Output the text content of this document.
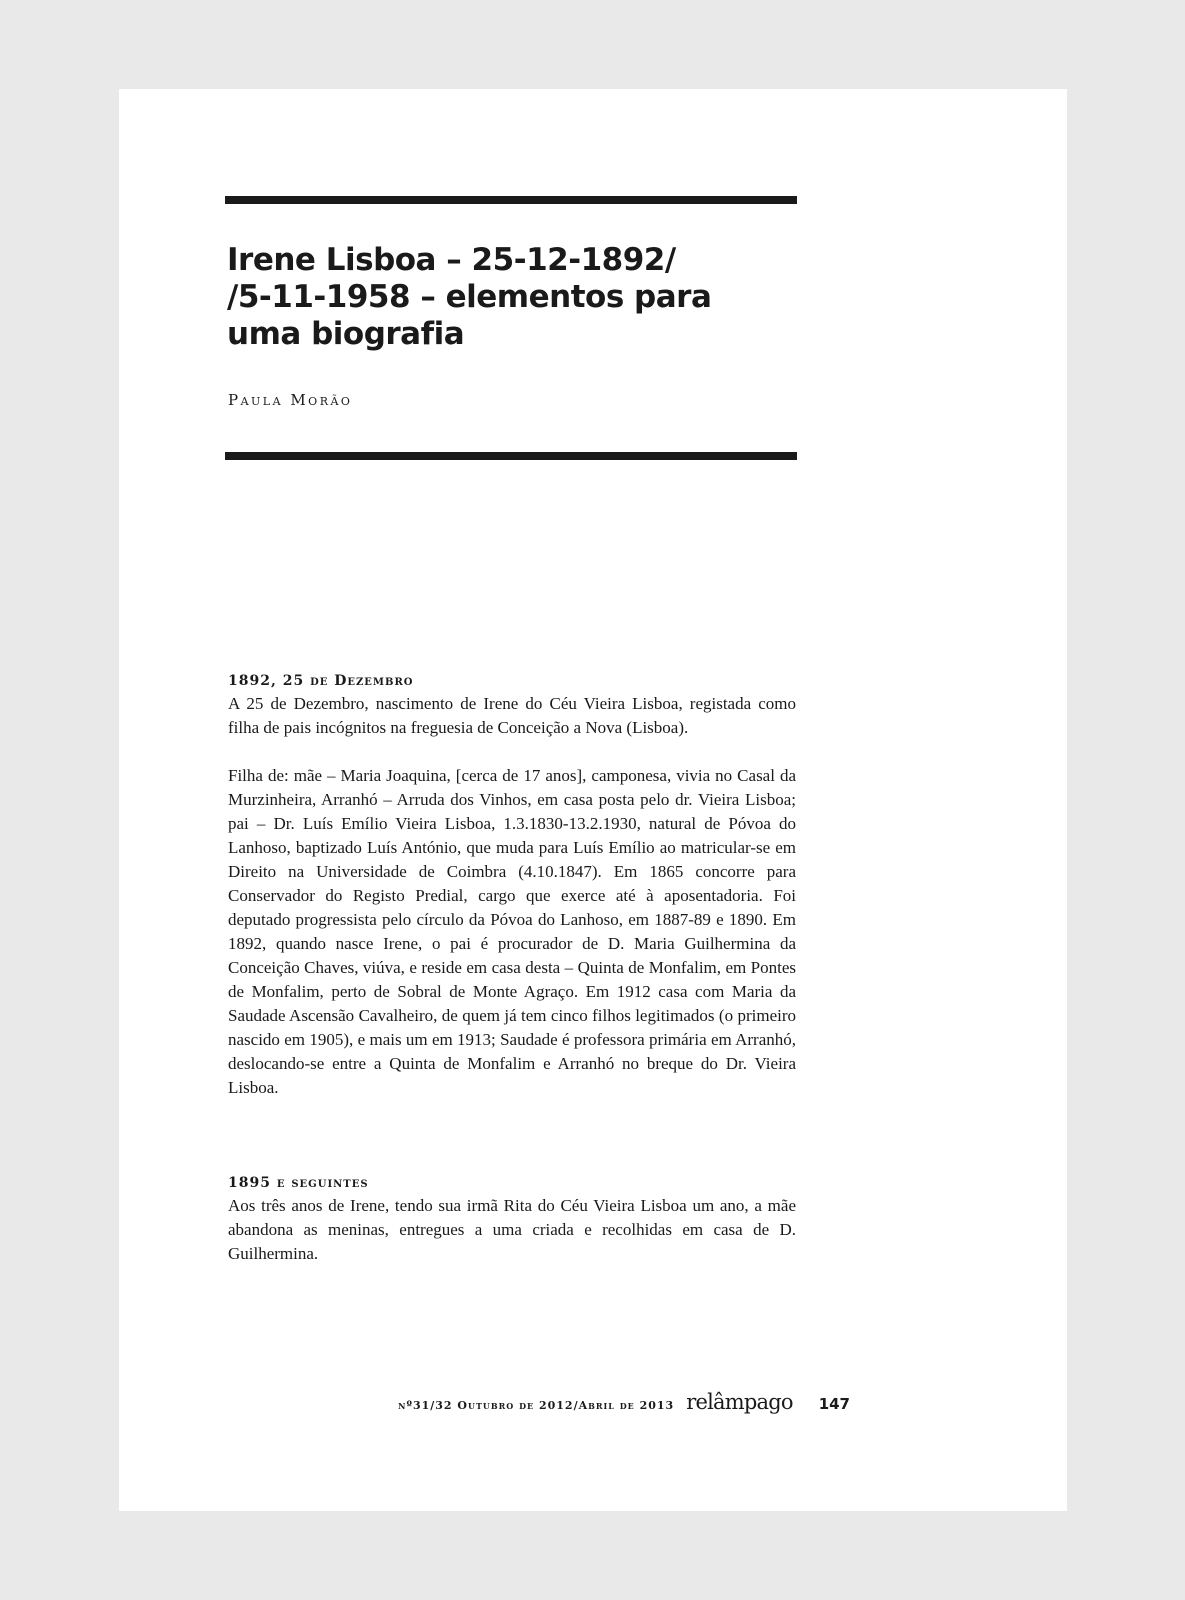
Irene Lisboa – 25-12-1892/
/5-11-1958 – elementos para
uma biografia
Paula Morão
1892, 25 de Dezembro

A 25 de Dezembro, nascimento de Irene do Céu Vieira Lisboa, registada como filha de pais incógnitos na freguesia de Conceição a Nova (Lisboa).

Filha de: mãe – Maria Joaquina, [cerca de 17 anos], camponesa, vivia no Casal da Murzinheira, Arranhó – Arruda dos Vinhos, em casa posta pelo dr. Vieira Lisboa; pai – Dr. Luís Emílio Vieira Lisboa, 1.3.1830-13.2.1930, natural de Póvoa do Lanhoso, baptizado Luís António, que muda para Luís Emílio ao matricular-se em Direito na Universidade de Coimbra (4.10.1847). Em 1865 concorre para Conservador do Registo Predial, cargo que exerce até à aposentadoria. Foi deputado progressista pelo círculo da Póvoa do Lanhoso, em 1887-89 e 1890. Em 1892, quando nasce Irene, o pai é procurador de D. Maria Guilhermina da Conceição Chaves, viúva, e reside em casa desta – Quinta de Monfalim, em Pontes de Monfalim, perto de Sobral de Monte Agraço. Em 1912 casa com Maria da Saudade Ascensão Cavalheiro, de quem já tem cinco filhos legitimados (o primeiro nascido em 1905), e mais um em 1913; Saudade é professora primária em Arranhó, deslocando-se entre a Quinta de Monfalim e Arranhó no breque do Dr. Vieira Lisboa.

1895 e seguintes

Aos três anos de Irene, tendo sua irmã Rita do Céu Vieira Lisboa um ano, a mãe abandona as meninas, entregues a uma criada e recolhidas em casa de D. Guilhermina.

nº31/32 Outubro de 2012/Abril de 2013 relâmpago 147
